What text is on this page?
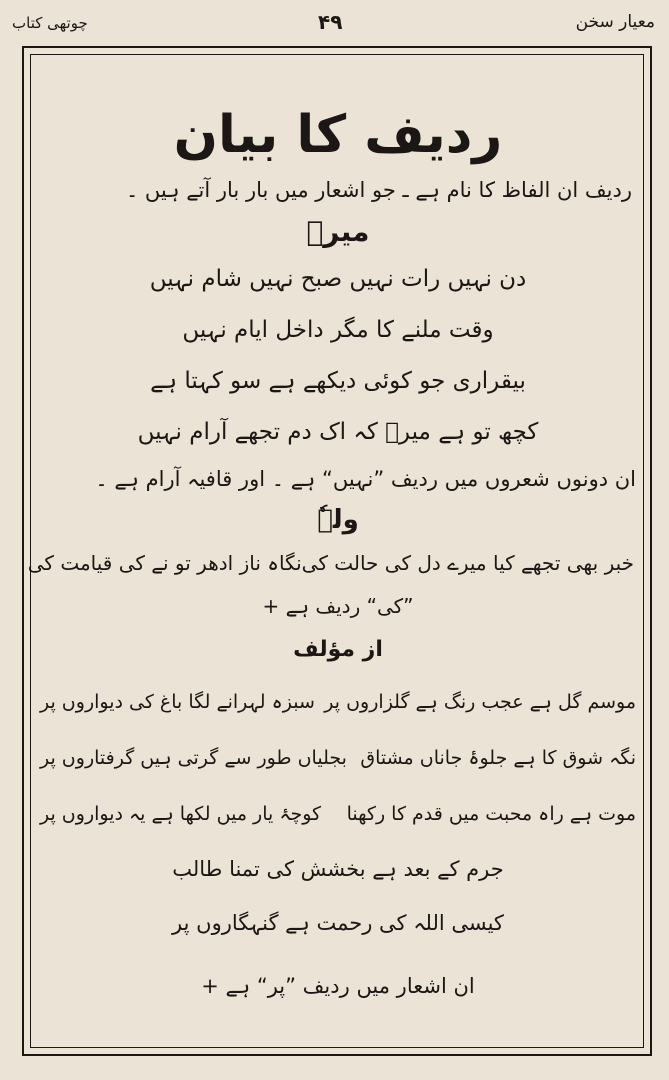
چوتھی کتاب	۴۹	معیار سخن
ردیف کا بیان
ردیف ان الفاظ کا نام ہے ـ جو اشعار میں بار بار آتے ہیں ۔
میرؔ
دن نہیں رات نہیں صبح نہیں شام نہیں
وقت ملنے کا مگر داخل ایام نہیں
بیقراری جو کوئی دیکھے ہے سو کہتا ہے
کچھ تو ہے میرؔ کہ اک دم تجھے آرام نہیں
ان دونوں شعروں میں ردیف ”نہیں“ ہے ۔ اور قافیہ آرام ہے ۔
ولہٗ
خبر بھی تجھے کیا میرے دل کی حالت کی
نگاہ ناز ادھر تو نے کی قیامت کی
”کی“ ردیف ہے +
از مؤلف
موسم گل ہے عجب رنگ ہے گلزاروں پر
سبزہ لہرانے لگا باغ کی دیواروں پر
نگہ شوق کا ہے جلوۂ جاناں مشتاق
بجلیاں طور سے گرتی ہیں گرفتاروں پر
موت ہے راہ محبت میں قدم کا رکھنا
کوچۂ یار میں لکھا ہے یہ دیواروں پر
جرم کے بعد ہے بخشش کی تمنا طالب
کیسی اللہ کی رحمت ہے گنہگاروں پر
ان اشعار میں ردیف ”پر“ ہے +
